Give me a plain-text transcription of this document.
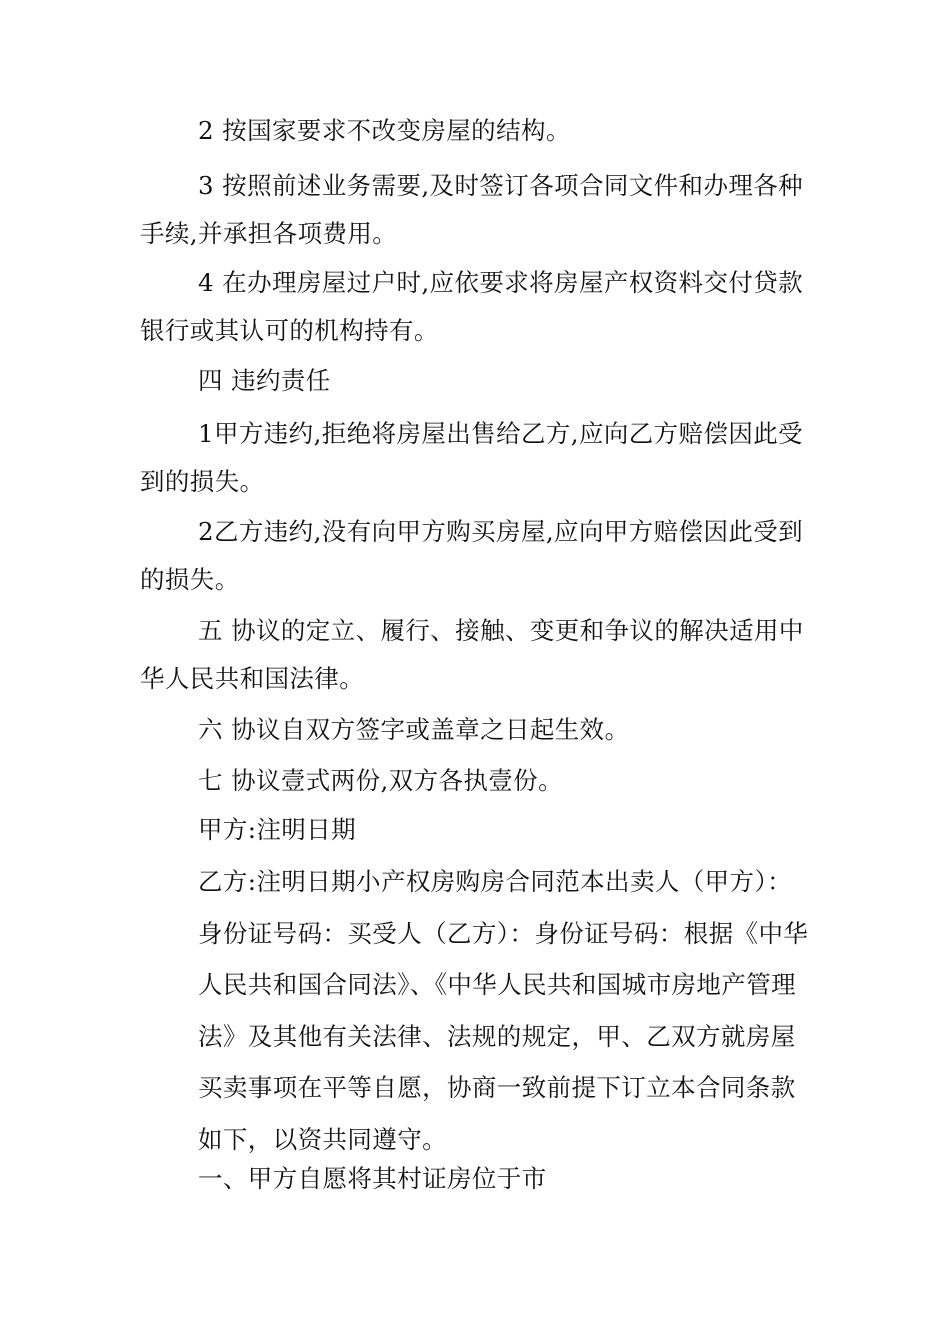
2 按国家要求不改变房屋的结构。

3 按照前述业务需要,及时签订各项合同文件和办理各种手续,并承担各项费用。

4 在办理房屋过户时,应依要求将房屋产权资料交付贷款银行或其认可的机构持有。

四 违约责任

1甲方违约,拒绝将房屋出售给乙方,应向乙方赔偿因此受到的损失。

2乙方违约,没有向甲方购买房屋,应向甲方赔偿因此受到的损失。

五 协议的定立、履行、接触、变更和争议的解决适用中华人民共和国法律。

六 协议自双方签字或盖章之日起生效。

七 协议壹式两份,双方各执壹份。

甲方:注明日期

乙方:注明日期小产权房购房合同范本出卖人（甲方）：身份证号码：买受人（乙方）：身份证号码：根据《中华人民共和国合同法》、《中华人民共和国城市房地产管理法》及其他有关法律、法规的规定，甲、乙双方就房屋买卖事项在平等自愿，协商一致前提下订立本合同条款如下，以资共同遵守。

一、甲方自愿将其村证房位于市
